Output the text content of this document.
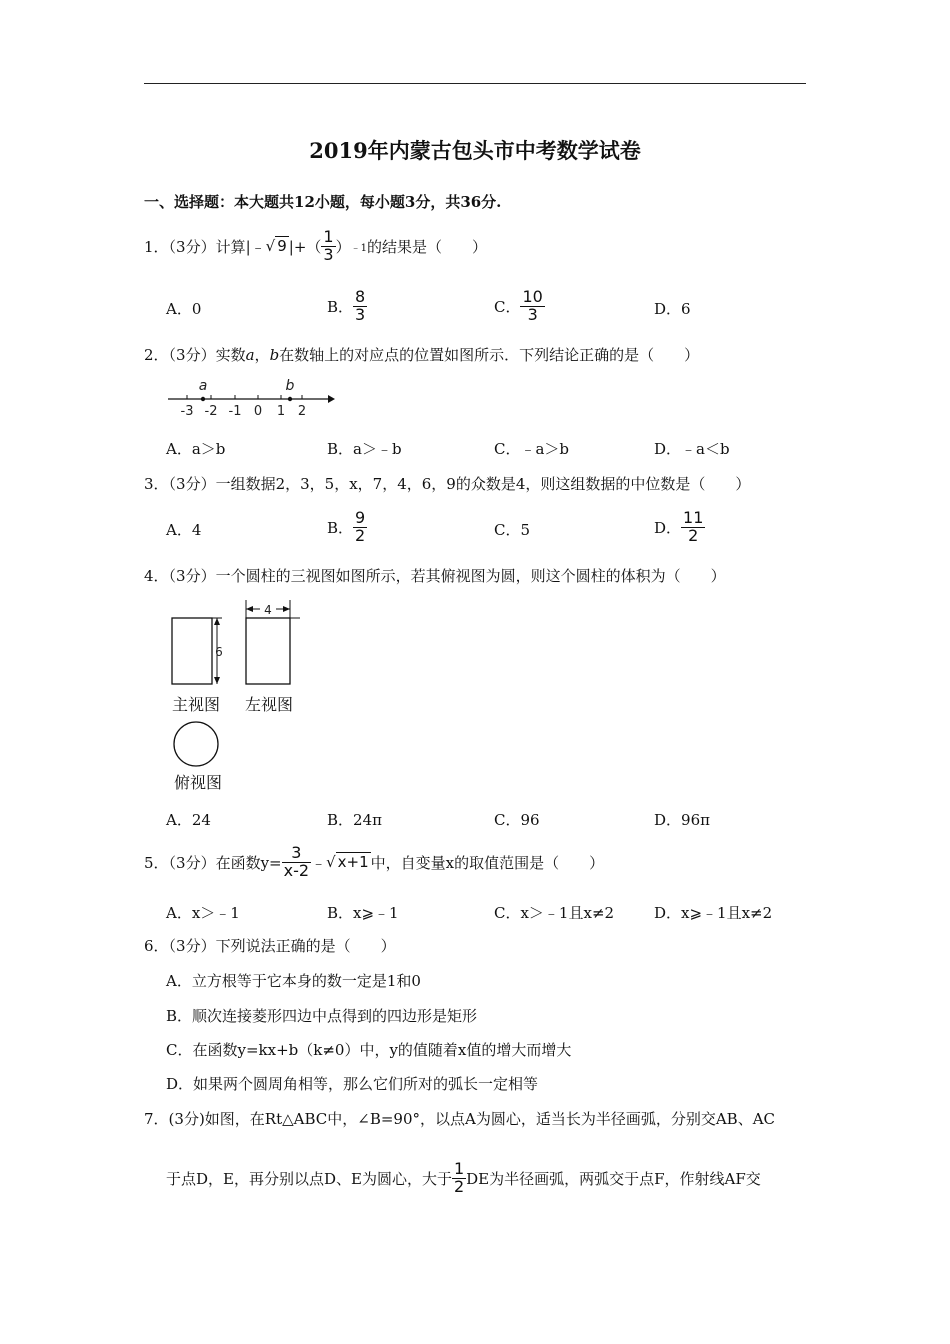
2019年内蒙古包头市中考数学试卷
一、选择题：本大题共12小题，每小题3分，共36分.
1．（3分）计算|﹣ √ 9 |+（ $\frac{1}{3}$ ） ﹣1 的结果是（　　）
A．0	B． $\frac{8}{3}$	C． $\frac{10}{3}$	D．6
2．（3分）实数a，b在数轴上的对应点的位置如图所示．下列结论正确的是（　　）
-3 -2 -1 0 1 2
a	b
A．a＞b	B．a＞﹣b	C．﹣a＞b	D．﹣a＜b
3．（3分）一组数据2，3，5，x，7，4，6，9的众数是4，则这组数据的中位数是（　　）
A．4	B． $\frac{9}{2}$	C．5	D． $\frac{11}{2}$
4．（3分）一个圆柱的三视图如图所示，若其俯视图为圆，则这个圆柱的体积为（　　）
6
4
主视图 左视图
俯视图
A．24	B．24π	C．96	D．96π
5．（3分）在函数$y= \frac{3}{x-2}$ ﹣ √ x+1 中，自变量x的取值范围是（　　）
A．x＞﹣1	B．x⩾﹣1	C．x＞﹣1且x≠2	D．x⩾﹣1且x≠2
6．（3分）下列说法正确的是（　　）
A．立方根等于它本身的数一定是1和0
B．顺次连接菱形四边中点得到的四边形是矩形
C．在函数y=kx+b（k≠0）中，y的值随着x值的增大而增大
D．如果两个圆周角相等，那么它们所对的弧长一定相等
7．(3分)如图，在Rt△ABC中，∠B=90°，以点A为圆心，适当长为半径画弧，分别交AB、AC
于点D，E，再分别以点D、E为圆心，大于 $\frac{1}{2}$ DE为半径画弧，两弧交于点F，作射线AF交
